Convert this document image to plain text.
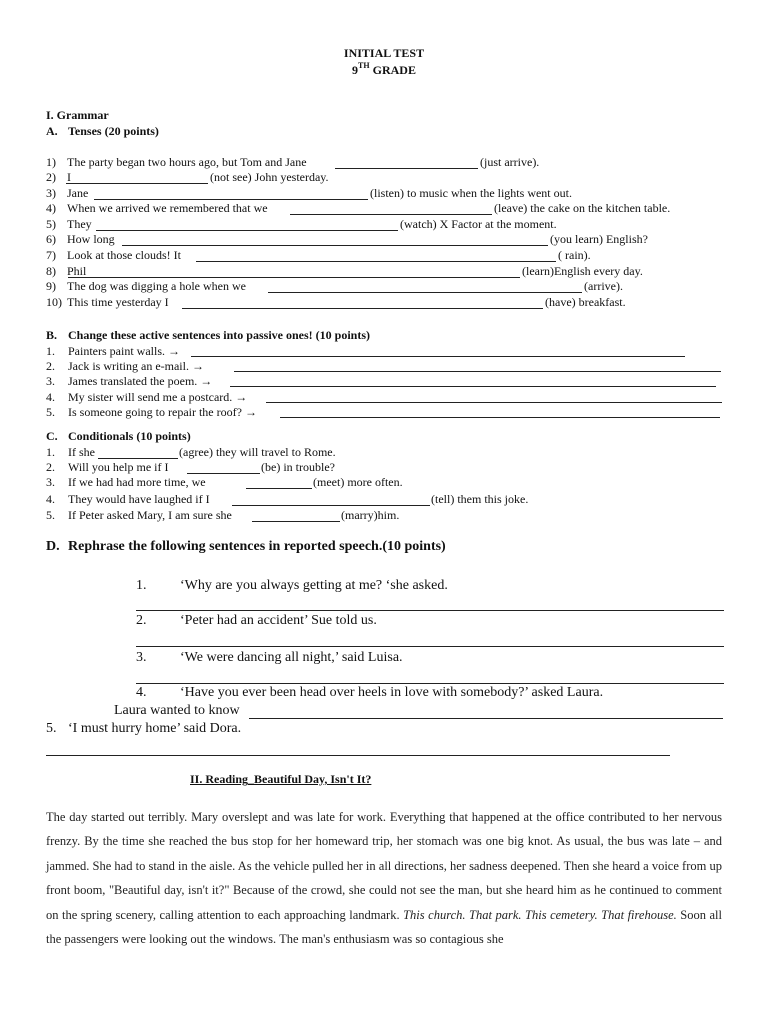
INITIAL TEST
9TH GRADE
I. Grammar
A. Tenses (20 points)
1) The party began two hours ago, but Tom and Jane	(just arrive).
2) I	(not see) John yesterday.
3) Jane	(listen) to music when the lights went out.
4) When we arrived we remembered that we	(leave) the cake on the kitchen table.
5) They	(watch) X Factor at the moment.
6) How long	(you learn) English?
7) Look at those clouds! It	( rain).
8) Phil	(learn)English every day.
9) The dog was digging a hole when we	(arrive).
10) This time yesterday I	(have) breakfast.
B. Change these active sentences into passive ones! (10 points)
1. Painters paint walls. →
2. Jack is writing an e-mail. →
3. James translated the poem. →
4. My sister will send me a postcard. →
5. Is someone going to repair the roof? →
C. Conditionals (10 points)
1. If she	(agree) they will travel to Rome.
2. Will you help me if I	(be) in trouble?
3. If we had had more time, we	(meet) more often.
4. They would have laughed if I	(tell) them this joke.
5. If Peter asked Mary, I am sure she	(marry)him.
D. Rephrase the following sentences in reported speech.(10 points)
1. ‘Why are you always getting at me? ‘she asked.
2. ‘Peter had an accident’ Sue told us.
3. ‘We were dancing all night,’ said Luisa.
4. ‘Have you ever been head over heels in love with somebody?’ asked Laura.
Laura wanted to know
5. ‘I must hurry home’ said Dora.
II. Reading_Beautiful Day, Isn't It?
The day started out terribly. Mary overslept and was late for work. Everything that happened at the office contributed to her nervous frenzy. By the time she reached the bus stop for her homeward trip, her stomach was one big knot. As usual, the bus was late – and jammed. She had to stand in the aisle. As the vehicle pulled her in all directions, her sadness deepened. Then she heard a voice from up front boom, "Beautiful day, isn't it?" Because of the crowd, she could not see the man, but she heard him as he continued to comment on the spring scenery, calling attention to each approaching landmark. This church. That park. This cemetery. That firehouse. Soon all the passengers were looking out the windows. The man's enthusiasm was so contagious she
